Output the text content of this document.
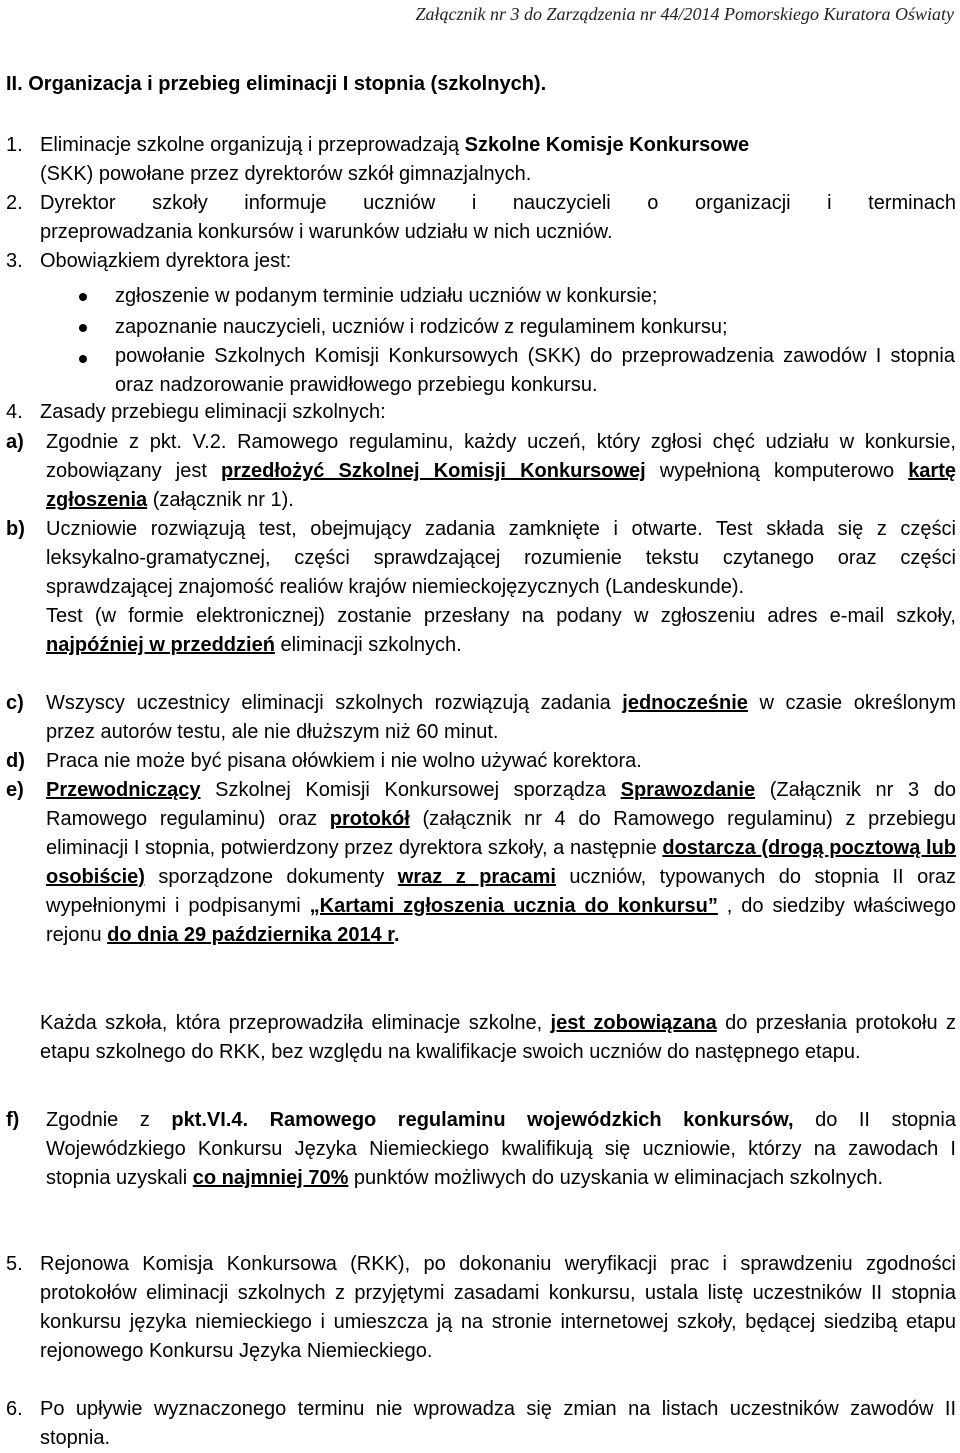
Załącznik nr 3 do Zarządzenia nr 44/2014 Pomorskiego Kuratora Oświaty
II. Organizacja i przebieg eliminacji I stopnia (szkolnych).
1. Eliminacje szkolne organizują i przeprowadzają Szkolne Komisje Konkursowe
(SKK) powołane przez dyrektorów szkół gimnazjalnych.
2. Dyrektor szkoły informuje uczniów i nauczycieli o organizacji i terminach
przeprowadzania konkursów i warunków udziału w nich uczniów.
3. Obowiązkiem dyrektora jest:
zgłoszenie w podanym terminie udziału uczniów w konkursie;
zapoznanie nauczycieli, uczniów i rodziców z regulaminem konkursu;
powołanie Szkolnych Komisji Konkursowych (SKK) do przeprowadzenia zawodów I stopnia oraz nadzorowanie prawidłowego przebiegu konkursu.
4. Zasady przebiegu eliminacji szkolnych:
a) Zgodnie z pkt. V.2. Ramowego regulaminu, każdy uczeń, który zgłosi chęć udziału w konkursie, zobowiązany jest przedłożyć Szkolnej Komisji Konkursowej wypełnioną komputerowo kartę zgłoszenia (załącznik nr 1).
b) Uczniowie rozwiązują test, obejmujący zadania zamknięte i otwarte. Test składa się z części leksykalno-gramatycznej, części sprawdzającej rozumienie tekstu czytanego oraz części sprawdzającej znajomość realiów krajów niemieckojęzycznych (Landeskunde).
Test (w formie elektronicznej) zostanie przesłany na podany w zgłoszeniu adres e-mail szkoły, najpóźniej w przeddzień eliminacji szkolnych.
c) Wszyscy uczestnicy eliminacji szkolnych rozwiązują zadania jednocześnie w czasie określonym przez autorów testu, ale nie dłuższym niż 60 minut.
d) Praca nie może być pisana ołówkiem i nie wolno używać korektora.
e) Przewodniczący Szkolnej Komisji Konkursowej sporządza Sprawozdanie (Załącznik nr 3 do Ramowego regulaminu) oraz protokół (załącznik nr 4 do Ramowego regulaminu) z przebiegu eliminacji I stopnia, potwierdzony przez dyrektora szkoły, a następnie dostarcza (drogą pocztową lub osobiście) sporządzone dokumenty wraz z pracami uczniów, typowanych do stopnia II oraz wypełnionymi i podpisanymi „Kartami zgłoszenia ucznia do konkursu” , do siedziby właściwego rejonu do dnia 29 października 2014 r.
Każda szkoła, która przeprowadziła eliminacje szkolne, jest zobowiązana do przesłania protokołu z etapu szkolnego do RKK, bez względu na kwalifikacje swoich uczniów do następnego etapu.
f) Zgodnie z pkt.VI.4. Ramowego regulaminu wojewódzkich konkursów, do II stopnia Wojewódzkiego Konkursu Języka Niemieckiego kwalifikują się uczniowie, którzy na zawodach I stopnia uzyskali co najmniej 70% punktów możliwych do uzyskania w eliminacjach szkolnych.
5. Rejonowa Komisja Konkursowa (RKK), po dokonaniu weryfikacji prac i sprawdzeniu zgodności protokołów eliminacji szkolnych z przyjętymi zasadami konkursu, ustala listę uczestników II stopnia konkursu języka niemieckiego i umieszcza ją na stronie internetowej szkoły, będącej siedzibą etapu rejonowego Konkursu Języka Niemieckiego.
6. Po upływie wyznaczonego terminu nie wprowadza się zmian na listach uczestników zawodów II stopnia.
